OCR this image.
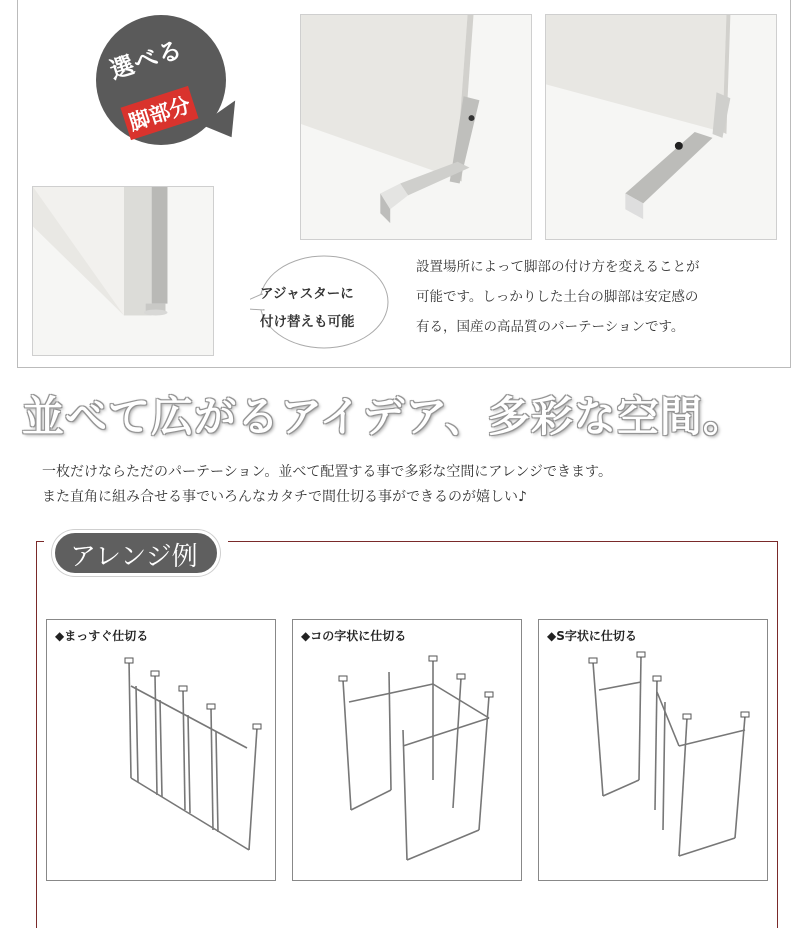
選べる
脚部分
アジャスターに
付け替えも可能
設置場所によって脚部の付け方を変えることが
可能です。しっかりした土台の脚部は安定感の
有る，国産の高品質のパーテーションです。
並べて広がるアイデア、多彩な空間。
一枚だけならただのパーテーション。並べて配置する事で多彩な空間にアレンジできます。
また直角に組み合せる事でいろんなカタチで間仕切る事ができるのが嬉しい♪
アレンジ例
◆まっすぐ仕切る	◆コの字状に仕切る	◆S字状に仕切る
